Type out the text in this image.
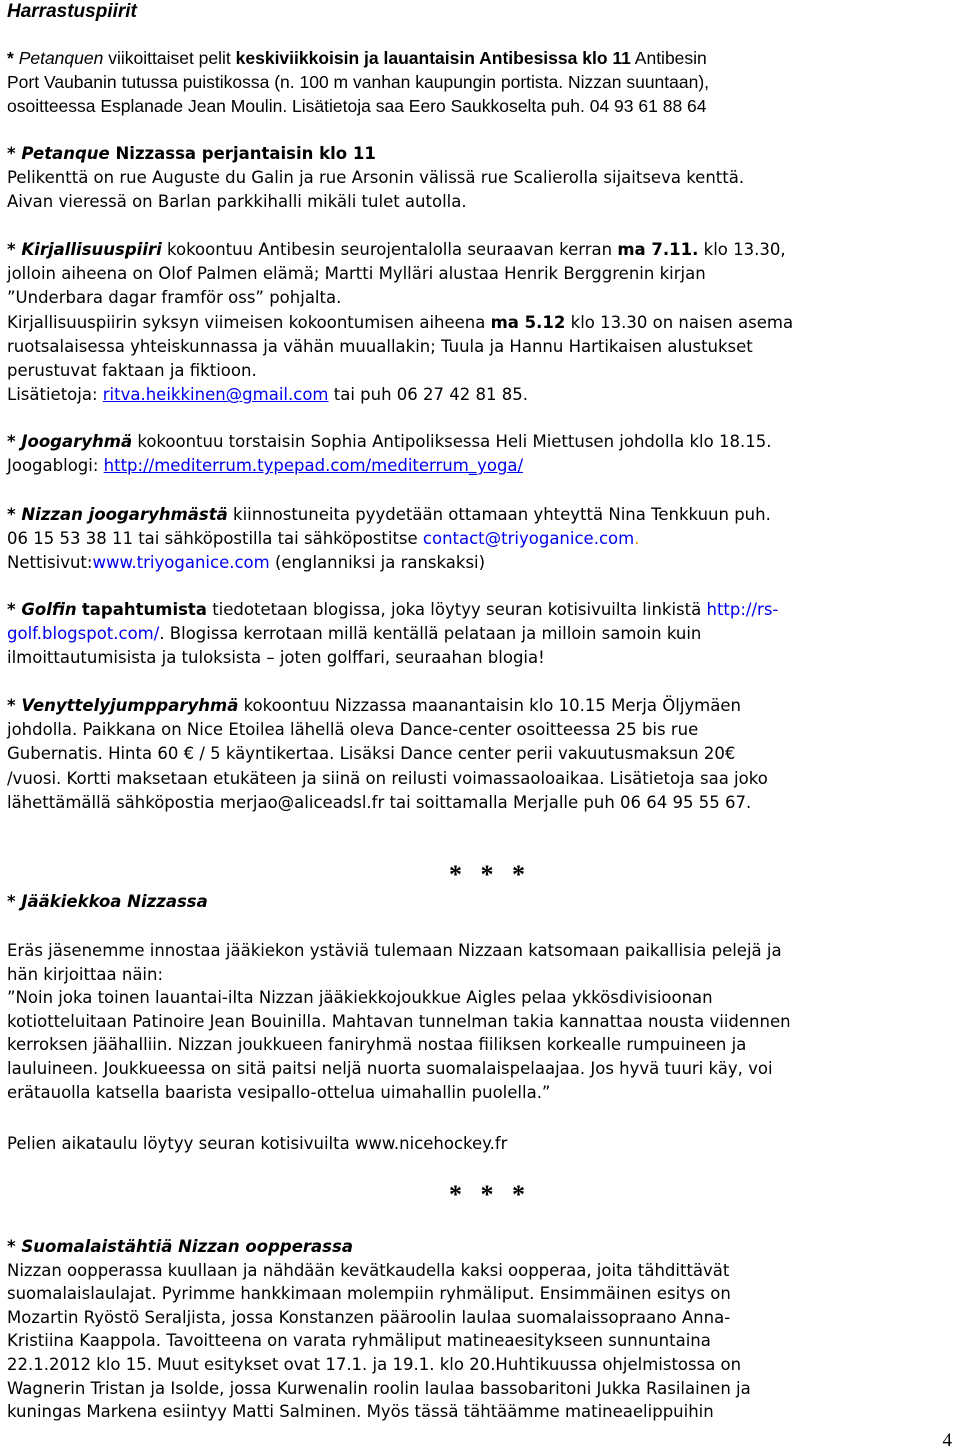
Harrastuspiirit

* Petanquen viikoittaiset pelit keskiviikkoisin ja lauantaisin Antibesissa klo 11 Antibesin

Port Vaubanin tutussa puistikossa (n. 100 m vanhan kaupungin portista. Nizzan suuntaan),

osoitteessa Esplanade Jean Moulin. Lisätietoja saa Eero Saukkoselta puh. 04 93 61 88 64

* Petanque Nizzassa perjantaisin klo 11

Pelikenttä on rue Auguste du Galin ja rue Arsonin välissä rue Scalierolla sijaitseva kenttä.

Aivan vieressä on Barlan parkkihalli mikäli tulet autolla.

* Kirjallisuuspiiri kokoontuu Antibesin seurojentalolla seuraavan kerran ma 7.11. klo 13.30,

jolloin aiheena on Olof Palmen elämä; Martti Mylläri alustaa Henrik Berggrenin kirjan

”Underbara dagar framför oss” pohjalta.

Kirjallisuuspiirin syksyn viimeisen kokoontumisen aiheena ma 5.12 klo 13.30 on naisen asema

ruotsalaisessa yhteiskunnassa ja vähän muuallakin; Tuula ja Hannu Hartikaisen alustukset

perustuvat faktaan ja fiktioon.

Lisätietoja: ritva.heikkinen@gmail.com tai puh 06 27 42 81 85.

* Joogaryhmä kokoontuu torstaisin Sophia Antipoliksessa Heli Miettusen johdolla klo 18.15.

Joogablogi: http://mediterrum.typepad.com/mediterrum_yoga/

* Nizzan joogaryhmästä kiinnostuneita pyydetään ottamaan yhteyttä Nina Tenkkuun puh.

06 15 53 38 11 tai sähköpostilla tai sähköpostitse contact@triyoganice.com.

Nettisivut:www.triyoganice.com (englanniksi ja ranskaksi)

* Golfin tapahtumista tiedotetaan blogissa, joka löytyy seuran kotisivuilta linkistä http://rs-

golf.blogspot.com/. Blogissa kerrotaan millä kentällä pelataan ja milloin samoin kuin

ilmoittautumisista ja tuloksista – joten golffari, seuraahan blogia!

* Venyttelyjumpparyhmä kokoontuu Nizzassa maanantaisin klo 10.15 Merja Öljymäen

johdolla. Paikkana on Nice Etoilea lähellä oleva Dance-center osoitteessa 25 bis rue

Gubernatis. Hinta 60 € / 5 käyntikertaa. Lisäksi Dance center perii vakuutusmaksun 20€

/vuosi. Kortti maksetaan etukäteen ja siinä on reilusti voimassaoloaikaa. Lisätietoja saa joko

lähettämällä sähköpostia merjao@aliceadsl.fr tai soittamalla Merjalle puh 06 64 95 55 67.

* * *

* Jääkiekkoa Nizzassa

Eräs jäsenemme innostaa jääkiekon ystäviä tulemaan Nizzaan katsomaan paikallisia pelejä ja

hän kirjoittaa näin:

”Noin joka toinen lauantai-ilta Nizzan jääkiekkojoukkue Aigles pelaa ykkösdivisioonan

kotiotteluitaan Patinoire Jean Bouinilla. Mahtavan tunnelman takia kannattaa nousta viidennen

kerroksen jäähalliin. Nizzan joukkueen faniryhmä nostaa fiiliksen korkealle rumpuineen ja

lauluineen. Joukkueessa on sitä paitsi neljä nuorta suomalaispelaajaa. Jos hyvä tuuri käy, voi

erätauolla katsella baarista vesipallo-ottelua uimahallin puolella.”

Pelien aikataulu löytyy seuran kotisivuilta www.nicehockey.fr

* * *

* Suomalaistähtiä Nizzan oopperassa

Nizzan oopperassa kuullaan ja nähdään kevätkaudella kaksi oopperaa, joita tähdittävät

suomalaislaulajat. Pyrimme hankkimaan molempiin ryhmäliput. Ensimmäinen esitys on

Mozartin Ryöstö Seraljista, jossa Konstanzen pääroolin laulaa suomalaissopraano Anna-

Kristiina Kaappola. Tavoitteena on varata ryhmäliput matineaesitykseen sunnuntaina

22.1.2012 klo 15. Muut esitykset ovat 17.1. ja 19.1. klo 20.Huhtikuussa ohjelmistossa on

Wagnerin Tristan ja Isolde, jossa Kurwenalin roolin laulaa bassobaritoni Jukka Rasilainen ja

kuningas Markena esiintyy Matti Salminen. Myös tässä tähtäämme matineaelippuihin

4
